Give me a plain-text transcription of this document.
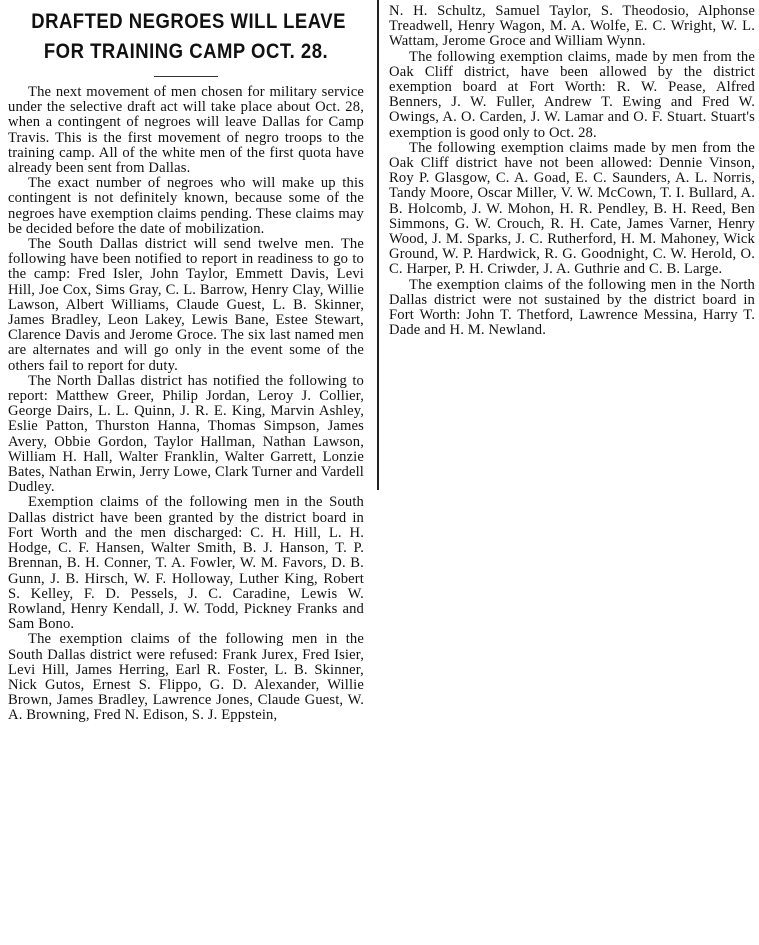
DRAFTED NEGROES WILL LEAVE
FOR TRAINING CAMP OCT. 28.

The next movement of men chosen for military service under the selective draft act will take place about Oct. 28, when a contingent of negroes will leave Dallas for Camp Travis. This is the first movement of negro troops to the training camp. All of the white men of the first quota have already been sent from Dallas.

The exact number of negroes who will make up this contingent is not definitely known, because some of the negroes have exemption claims pending. These claims may be decided before the date of mobilization.

The South Dallas district will send twelve men. The following have been notified to report in readiness to go to the camp: Fred Isler, John Taylor, Emmett Davis, Levi Hill, Joe Cox, Sims Gray, C. L. Barrow, Henry Clay, Willie Lawson, Albert Williams, Claude Guest, L. B. Skinner, James Bradley, Leon Lakey, Lewis Bane, Estee Stewart, Clarence Davis and Jerome Groce. The six last named men are alternates and will go only in the event some of the others fail to report for duty.

The North Dallas district has notified the following to report: Matthew Greer, Philip Jordan, Leroy J. Collier, George Dairs, L. L. Quinn, J. R. E. King, Marvin Ashley, Eslie Patton, Thurston Hanna, Thomas Simpson, James Avery, Obbie Gordon, Taylor Hallman, Nathan Lawson, William H. Hall, Walter Franklin, Walter Garrett, Lonzie Bates, Nathan Erwin, Jerry Lowe, Clark Turner and Vardell Dudley.

Exemption claims of the following men in the South Dallas district have been granted by the district board in Fort Worth and the men discharged: C. H. Hill, L. H. Hodge, C. F. Hansen, Walter Smith, B. J. Hanson, T. P. Brennan, B. H. Conner, T. A. Fowler, W. M. Favors, D. B. Gunn, J. B. Hirsch, W. F. Holloway, Luther King, Robert S. Kelley, F. D. Pessels, J. C. Caradine, Lewis W. Rowland, Henry Kendall, J. W. Todd, Pickney Franks and Sam Bono.

The exemption claims of the following men in the South Dallas district were refused: Frank Jurex, Fred Isier, Levi Hill, James Herring, Earl R. Foster, L. B. Skinner, Nick Gutos, Ernest S. Flippo, G. D. Alexander, Willie Brown, James Bradley, Lawrence Jones, Claude Guest, W. A. Browning, Fred N. Edison, S. J. Eppstein,

N. H. Schultz, Samuel Taylor, S. Theodosio, Alphonse Treadwell, Henry Wagon, M. A. Wolfe, E. C. Wright, W. L. Wattam, Jerome Groce and William Wynn.

The following exemption claims, made by men from the Oak Cliff district, have been allowed by the district exemption board at Fort Worth: R. W. Pease, Alfred Benners, J. W. Fuller, Andrew T. Ewing and Fred W. Owings, A. O. Carden, J. W. Lamar and O. F. Stuart. Stuart's exemption is good only to Oct. 28.

The following exemption claims made by men from the Oak Cliff district have not been allowed: Dennie Vinson, Roy P. Glasgow, C. A. Goad, E. C. Saunders, A. L. Norris, Tandy Moore, Oscar Miller, V. W. McCown, T. I. Bullard, A. B. Holcomb, J. W. Mohon, H. R. Pendley, B. H. Reed, Ben Simmons, G. W. Crouch, R. H. Cate, James Varner, Henry Wood, J. M. Sparks, J. C. Rutherford, H. M. Mahoney, Wick Ground, W. P. Hardwick, R. G. Goodnight, C. W. Herold, O. C. Harper, P. H. Criwder, J. A. Guthrie and C. B. Large.

The exemption claims of the following men in the North Dallas district were not sustained by the district board in Fort Worth: John T. Thetford, Lawrence Messina, Harry T. Dade and H. M. Newland.
